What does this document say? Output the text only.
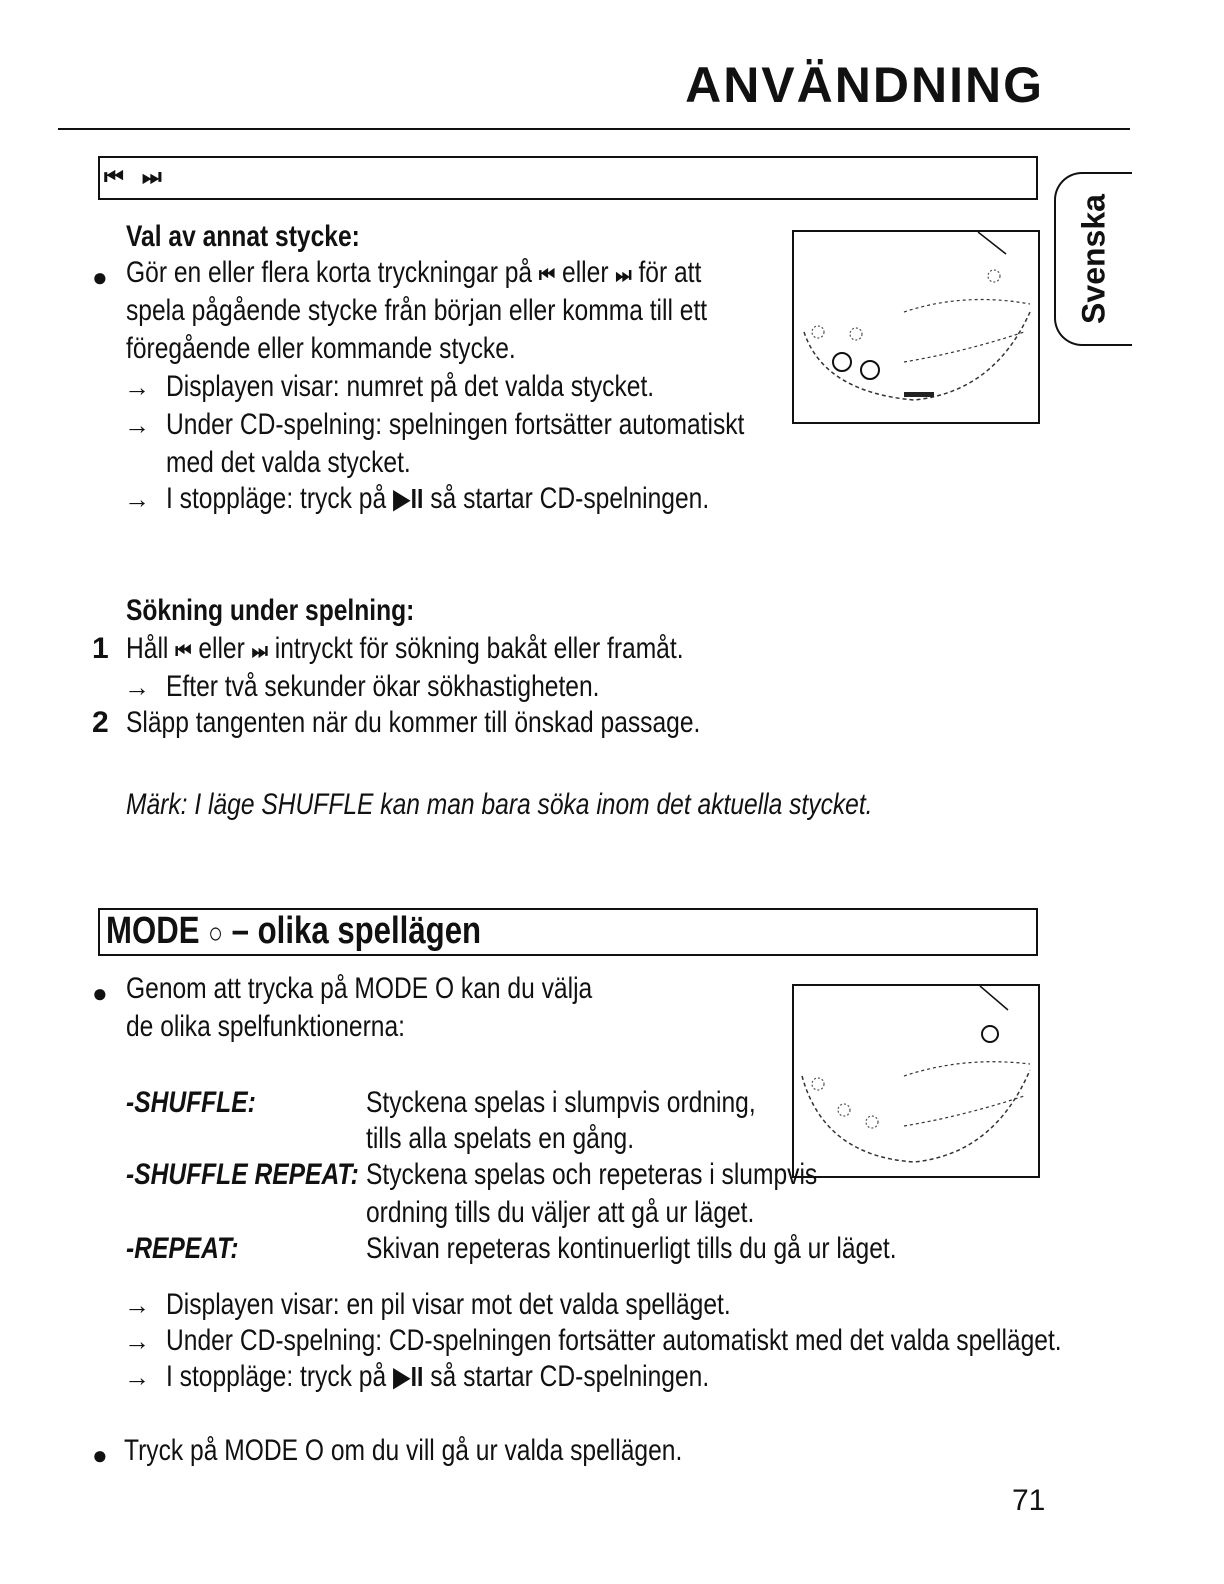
ANVÄNDNING
Svenska
⏮ ⏭
Val av annat stycke:
● Gör en eller flera korta tryckningar på ⏮ eller ⏭ för att
spela pågående stycke från början eller komma till ett
föregående eller kommande stycke.
→ Displayen visar: numret på det valda stycket.
→ Under CD-spelning: spelningen fortsätter automatiskt
med det valda stycket.
→ I stoppläge: tryck på ▶II så startar CD-spelningen.
Sökning under spelning:
1 Håll ⏮ eller ⏭ intryckt för sökning bakåt eller framåt.
→ Efter två sekunder ökar sökhastigheten.
2 Släpp tangenten när du kommer till önskad passage.
Märk: I läge SHUFFLE kan man bara söka inom det aktuella stycket.
MODE ○ – olika spellägen
● Genom att trycka på MODE O kan du välja
de olika spelfunktionerna:
-SHUFFLE:	Styckena spelas i slumpvis ordning,
tills alla spelats en gång.
-SHUFFLE REPEAT: Styckena spelas och repeteras i slumpvis
ordning tills du väljer att gå ur läget.
-REPEAT:	Skivan repeteras kontinuerligt tills du gå ur läget.
→ Displayen visar: en pil visar mot det valda spelläget.
→ Under CD-spelning: CD-spelningen fortsätter automatiskt med det valda spelläget.
→ I stoppläge: tryck på ▶II så startar CD-spelningen.
● Tryck på MODE O om du vill gå ur valda spellägen.
71
